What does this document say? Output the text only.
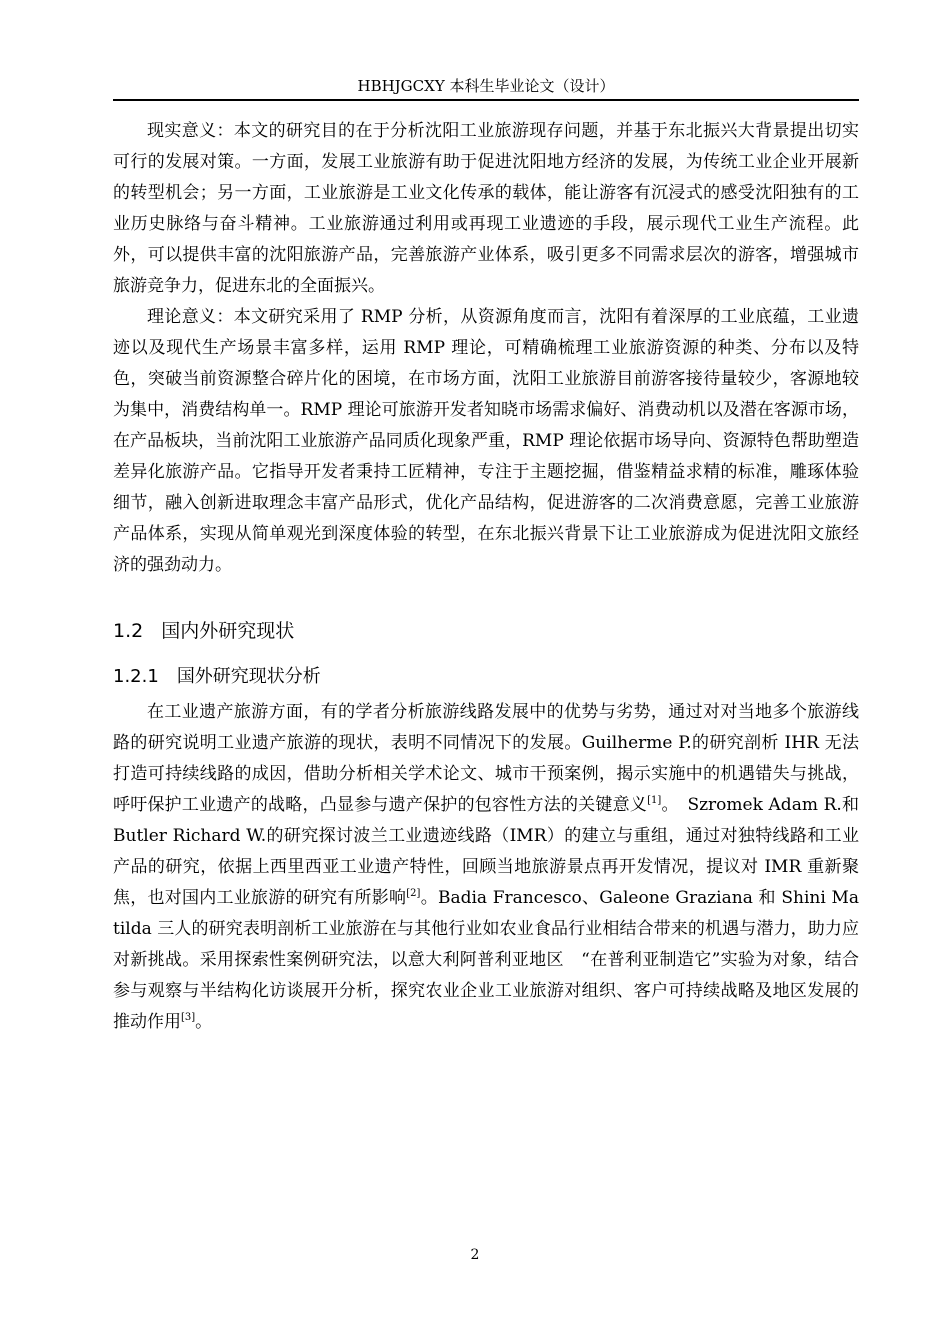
HBHJGCXY 本科生毕业论文（设计）

现实意义：本文的研究目的在于分析沈阳工业旅游现存问题，并基于东北振兴大背景提出切实可行的发展对策。一方面，发展工业旅游有助于促进沈阳地方经济的发展，为传统工业企业开展新的转型机会；另一方面，工业旅游是工业文化传承的载体，能让游客有沉浸式的感受沈阳独有的工业历史脉络与奋斗精神。工业旅游通过利用或再现工业遗迹的手段，展示现代工业生产流程。此外，可以提供丰富的沈阳旅游产品，完善旅游产业体系，吸引更多不同需求层次的游客，增强城市旅游竞争力，促进东北的全面振兴。

理论意义：本文研究采用了 RMP 分析，从资源角度而言，沈阳有着深厚的工业底蕴，工业遗迹以及现代生产场景丰富多样，运用 RMP 理论，可精确梳理工业旅游资源的种类、分布以及特色，突破当前资源整合碎片化的困境，在市场方面，沈阳工业旅游目前游客接待量较少，客源地较为集中，消费结构单一。RMP 理论可旅游开发者知晓市场需求偏好、消费动机以及潜在客源市场，在产品板块，当前沈阳工业旅游产品同质化现象严重，RMP 理论依据市场导向、资源特色帮助塑造差异化旅游产品。它指导开发者秉持工匠精神，专注于主题挖掘，借鉴精益求精的标准，雕琢体验细节，融入创新进取理念丰富产品形式，优化产品结构，促进游客的二次消费意愿，完善工业旅游产品体系，实现从简单观光到深度体验的转型，在东北振兴背景下让工业旅游成为促进沈阳文旅经济的强劲动力。

1.2 国内外研究现状
1.2.1 国外研究现状分析

在工业遗产旅游方面，有的学者分析旅游线路发展中的优势与劣势，通过对对当地多个旅游线路的研究说明工业遗产旅游的现状，表明不同情况下的发展。Guilherme P.的研究剖析 IHR 无法打造可持续线路的成因，借助分析相关学术论文、城市干预案例，揭示实施中的机遇错失与挑战，呼吁保护工业遗产的战略，凸显参与遗产保护的包容性方法的关键意义[1]。　Szromek Adam R.和　Butler Richard W.的研究探讨波兰工业遗迹线路（IMR）的建立与重组，通过对独特线路和工业产品的研究，依据上西里西亚工业遗产特性，回顾当地旅游景点再开发情况，提议对 IMR 重新聚焦，也对国内工业旅游的研究有所影响[2]。Badia Francesco、Galeone Graziana 和 Shini Matilda 三人的研究表明剖析工业旅游在与其他行业如农业食品行业相结合带来的机遇与潜力，助力应对新挑战。采用探索性案例研究法，以意大利阿普利亚地区　“在普利亚制造它”实验为对象，结合参与观察与半结构化访谈展开分析，探究农业企业工业旅游对组织、客户可持续战略及地区发展的推动作用[3]。

2
